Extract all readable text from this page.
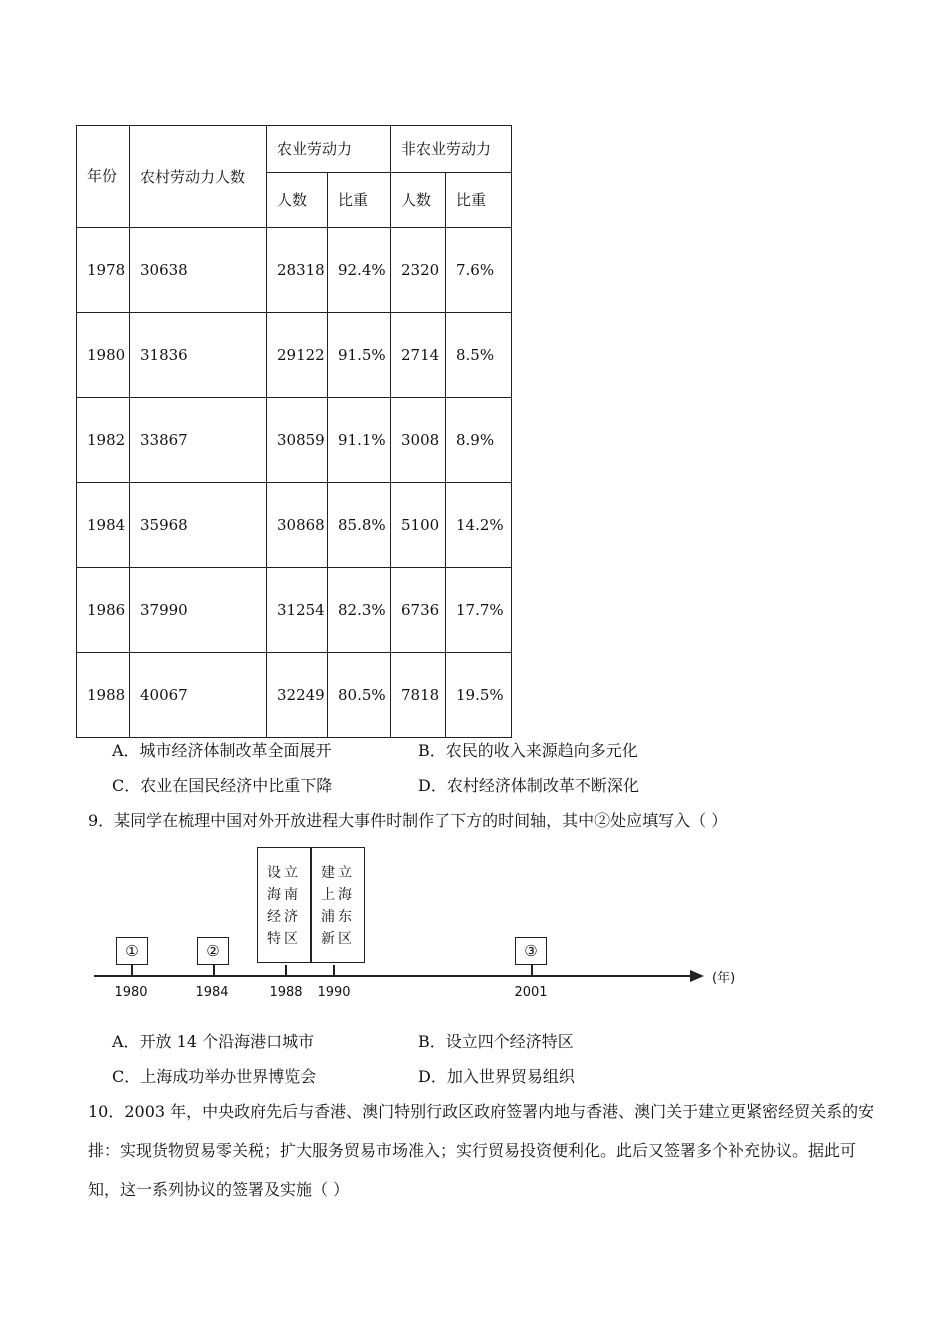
年份	农村劳动力人数	农业劳动力		非农业劳动力	
		人数	比重	人数	比重
1978	30638	28318	92.4%	2320	7.6%
1980	31836	29122	91.5%	2714	8.5%
1982	33867	30859	91.1%	3008	8.9%
1984	35968	30868	85.8%	5100	14.2%
1986	37990	31254	82.3%	6736	17.7%
1988	40067	32249	80.5%	7818	19.5%
A．城市经济体制改革全面展开	B．农民的收入来源趋向多元化
C．农业在国民经济中比重下降	D．农村经济体制改革不断深化
9．某同学在梳理中国对外开放进程大事件时制作了下方的时间轴，其中②处应填写入（ ）
(年)
设立海南经济特区
建立上海浦东新区
①	②	③
1980	1984	1988	1990	2001
A．开放 14 个沿海港口城市	B．设立四个经济特区
C．上海成功举办世界博览会	D．加入世界贸易组织
10．2003 年，中央政府先后与香港、澳门特别行政区政府签署内地与香港、澳门关于建立更紧密经贸关系的安排：实现货物贸易零关税；扩大服务贸易市场准入；实行贸易投资便利化。此后又签署多个补充协议。据此可知，这一系列协议的签署及实施（ ）
